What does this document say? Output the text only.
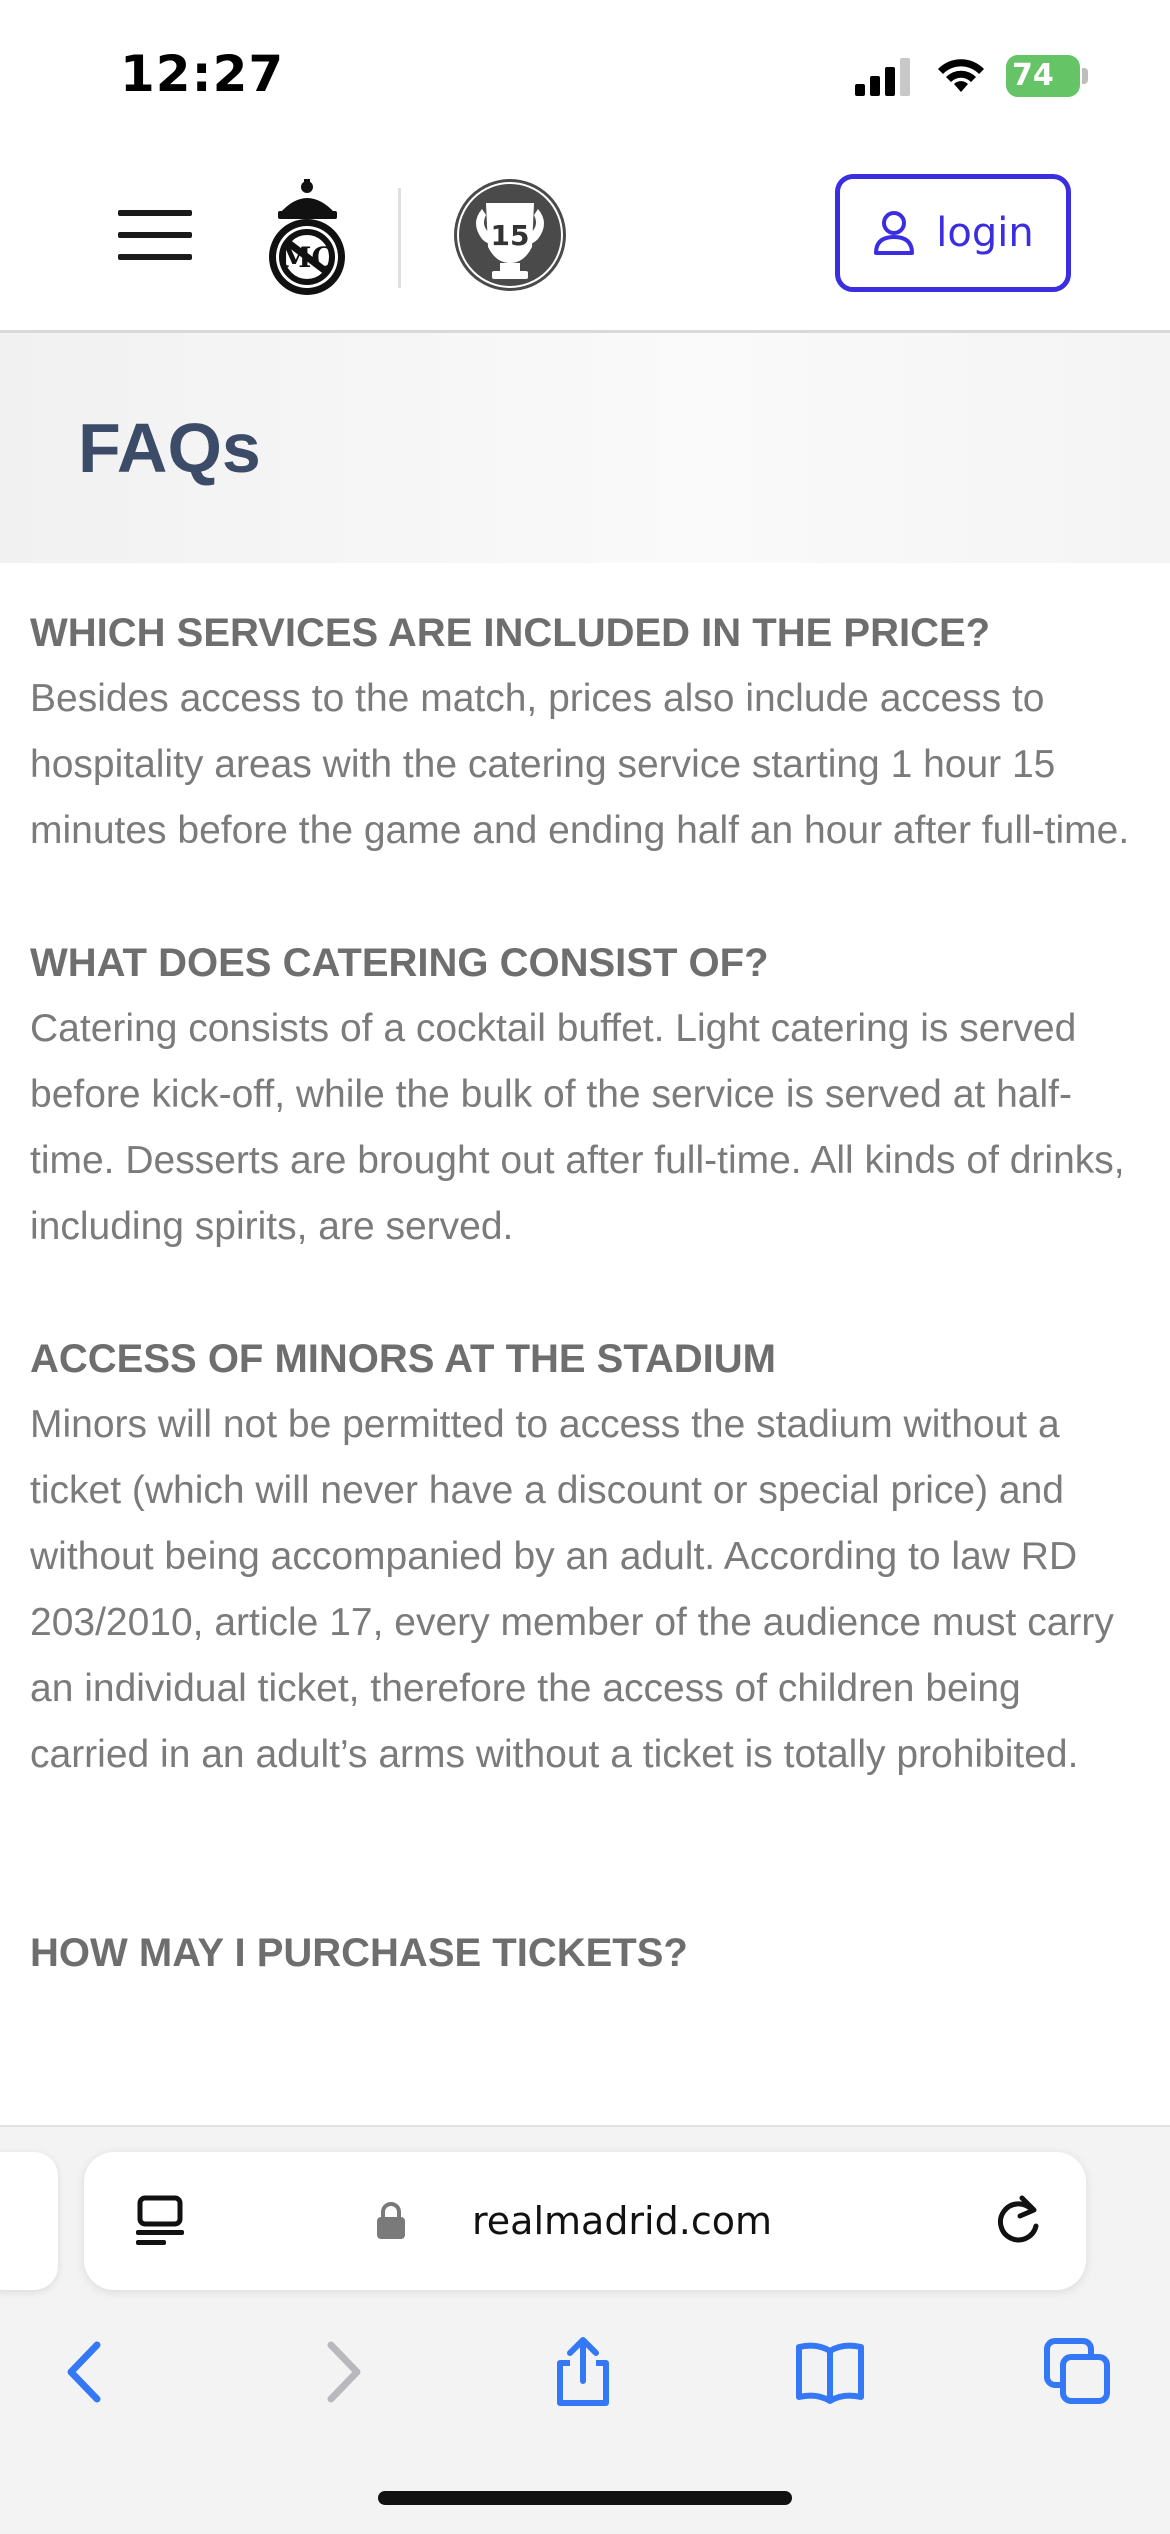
12:27	74
MC
15	login
FAQs

WHICH SERVICES ARE INCLUDED IN THE PRICE?

Besides access to the match, prices also include access to hospitality areas with the catering service starting 1 hour 15 minutes before the game and ending half an hour after full-time.

WHAT DOES CATERING CONSIST OF?

Catering consists of a cocktail buffet. Light catering is served before kick-off, while the bulk of the service is served at half-time. Desserts are brought out after full-time. All kinds of drinks, including spirits, are served.

ACCESS OF MINORS AT THE STADIUM

Minors will not be permitted to access the stadium without a ticket (which will never have a discount or special price) and without being accompanied by an adult. According to law RD 203/2010, article 17, every member of the audience must carry an individual ticket, therefore the access of children being carried in an adult’s arms without a ticket is totally prohibited.

HOW MAY I PURCHASE TICKETS?

realmadrid.com
